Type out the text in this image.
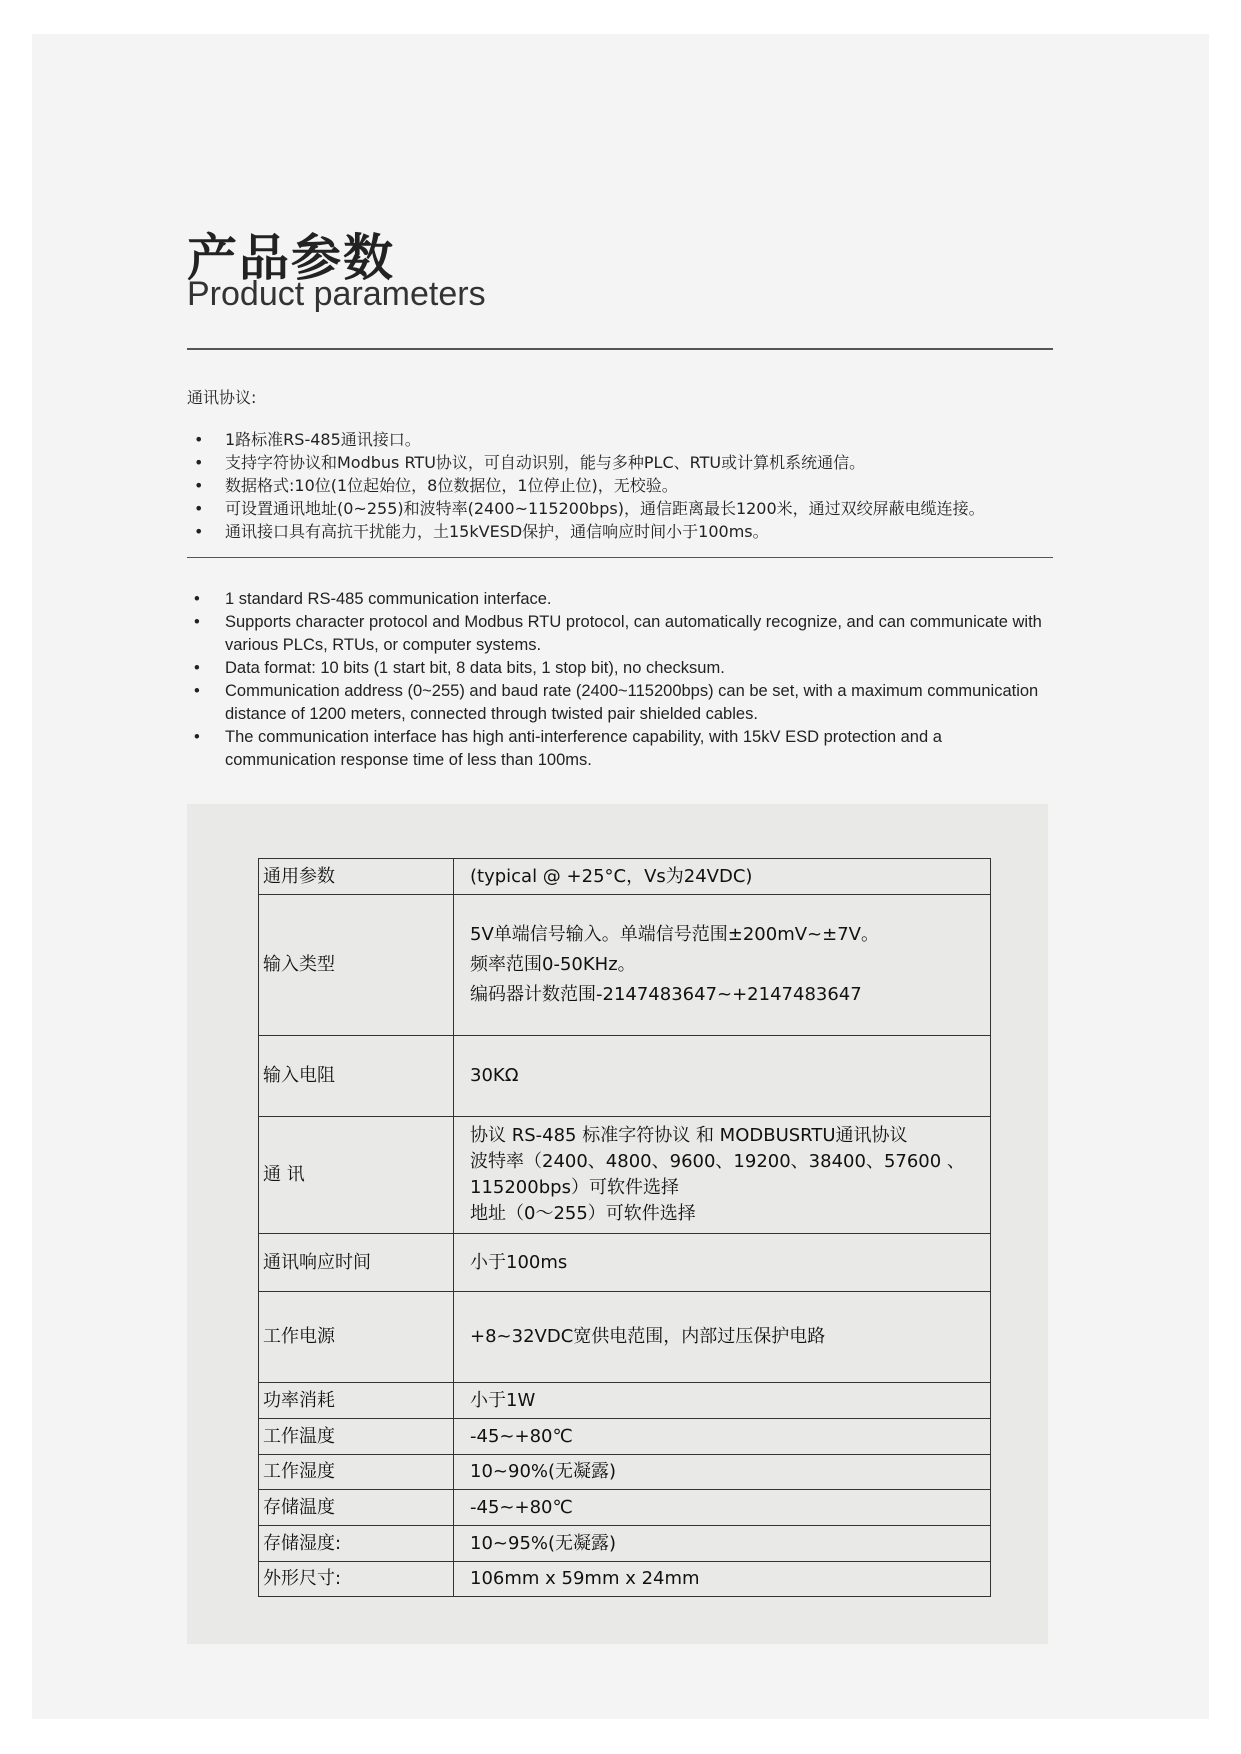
产品参数
Product parameters
通讯协议:
• 1路标准RS-485通讯接口。
• 支持字符协议和Modbus RTU协议，可自动识别，能与多种PLC、RTU或计算机系统通信。
• 数据格式:10位(1位起始位，8位数据位，1位停止位)，无校验。
• 可设置通讯地址(0~255)和波特率(2400~115200bps)，通信距离最长1200米，通过双绞屏蔽电缆连接。
• 通讯接口具有高抗干扰能力，土15kVESD保护，通信响应时间小于100ms。
• 1 standard RS-485 communication interface.
• Supports character protocol and Modbus RTU protocol, can automatically recognize, and can communicate with various PLCs, RTUs, or computer systems.
• Data format: 10 bits (1 start bit, 8 data bits, 1 stop bit), no checksum.
• Communication address (0~255) and baud rate (2400~115200bps) can be set, with a maximum communication distance of 1200 meters, connected through twisted pair shielded cables.
• The communication interface has high anti-interference capability, with 15kV ESD protection and a communication response time of less than 100ms.
通用参数	(typical @ +25°C，Vs为24VDC)

输入类型	5V单端信号输入。单端信号范围±200mV~±7V。
频率范围0-50KHz。
编码器计数范围-2147483647~+2147483647

输入电阻	30KΩ

通 讯	协议 RS-485 标准字符协议 和 MODBUSRTU通讯协议
波特率（2400、4800、9600、19200、38400、57600 、
115200bps）可软件选择
地址（0～255）可软件选择

通讯响应时间	小于100ms

工作电源	+8~32VDC宽供电范围，内部过压保护电路

功率消耗	小于1W

工作温度	-45~+80℃

工作湿度	10~90%(无凝露)

存储温度	-45~+80℃

存储湿度:	10~95%(无凝露)

外形尺寸:	106mm x 59mm x 24mm
